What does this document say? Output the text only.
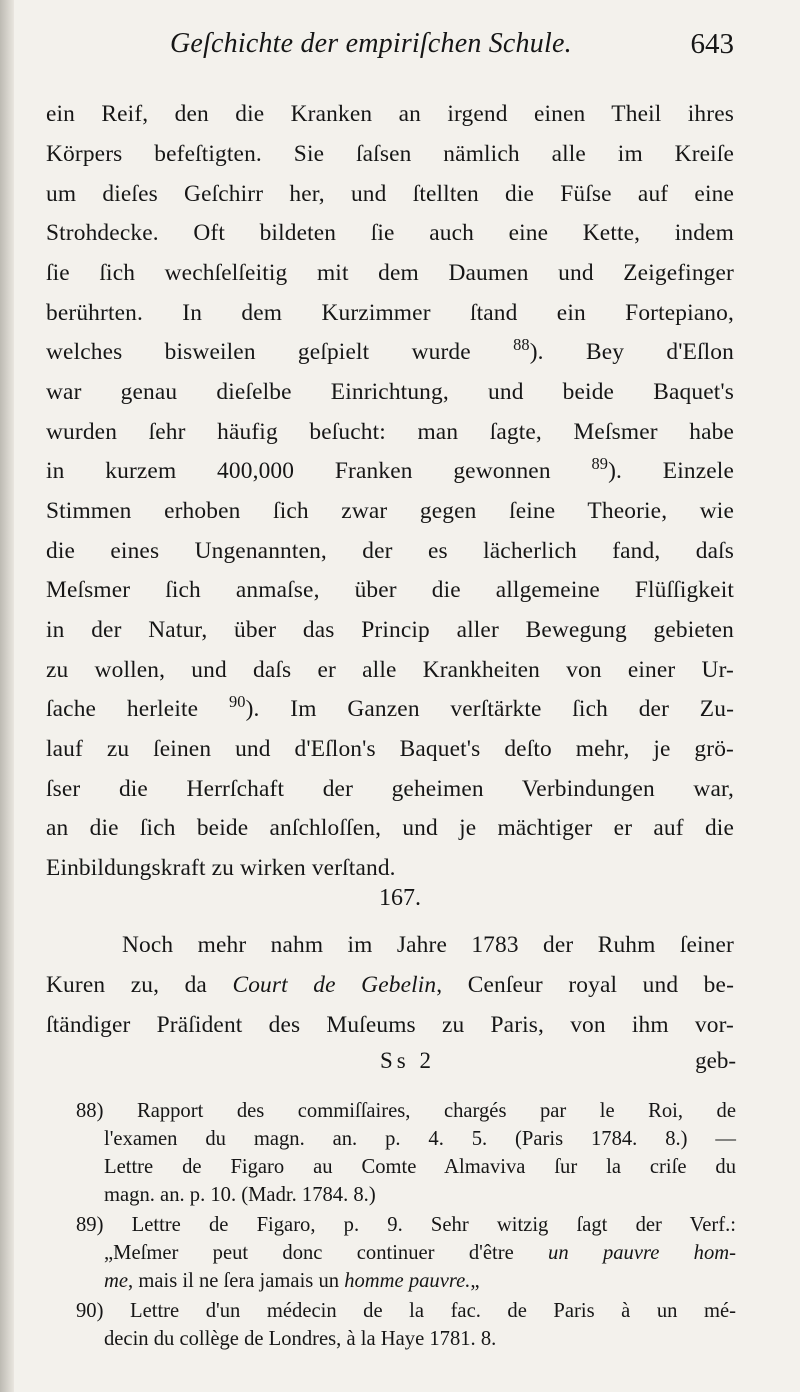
Geſchichte der empiriſchen Schule.	643
ein Reif, den die Kranken an irgend einen Theil ihres
Körpers befeſtigten. Sie ſaſsen nämlich alle im Kreiſe
um dieſes Geſchirr her, und ſtellten die Füſse auf eine
Strohdecke. Oft bildeten ſie auch eine Kette, indem
ſie ſich wechſelſeitig mit dem Daumen und Zeigefinger
berührten. In dem Kurzimmer ſtand ein Fortepiano,
welches bisweilen geſpielt wurde $^{88}$). Bey d'Eſlon
war genau dieſelbe Einrichtung, und beide Baquet's
wurden ſehr häufig beſucht: man ſagte, Meſsmer habe
in kurzem 400,000 Franken gewonnen $^{89}$). Einzele
Stimmen erhoben ſich zwar gegen ſeine Theorie, wie
die eines Ungenannten, der es lächerlich fand, daſs
Meſsmer ſich anmaſse, über die allgemeine Flüſſigkeit
in der Natur, über das Princip aller Bewegung gebieten
zu wollen, und daſs er alle Krankheiten von einer Ur-
ſache herleite $^{90}$). Im Ganzen verſtärkte ſich der Zu-
lauf zu ſeinen und d'Eſlon's Baquet's deſto mehr, je grö-
ſser die Herrſchaft der geheimen Verbindungen war,
an die ſich beide anſchloſſen, und je mächtiger er auf die
Einbildungskraft zu wirken verſtand.
167.
Noch mehr nahm im Jahre 1783 der Ruhm ſeiner
Kuren zu, da Court de Gebelin, Cenſeur royal und be-
ſtändiger Präſident des Muſeums zu Paris, von ihm vor-
Ss 2	geb-
88) Rapport des commiſſaires, chargés par le Roi, de
l'examen du magn. an. p. 4. 5. (Paris 1784. 8.) —
Lettre de Figaro au Comte Almaviva ſur la criſe du
magn. an. p. 10. (Madr. 1784. 8.)
89) Lettre de Figaro, p. 9. Sehr witzig ſagt der Verf.:
„Meſmer peut donc continuer d'être un pauvre hom-
me, mais il ne ſera jamais un homme pauvre.„
90) Lettre d'un médecin de la fac. de Paris à un mé-
decin du collège de Londres, à la Haye 1781. 8.
